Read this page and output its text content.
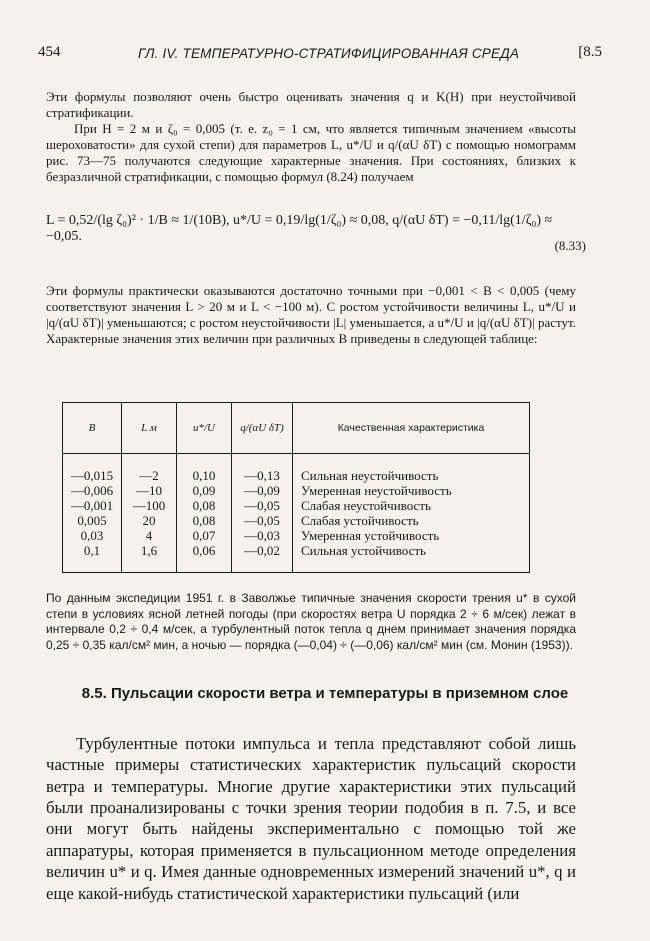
454	ГЛ. IV. ТЕМПЕРАТУРНО-СТРАТИФИЦИРОВАННАЯ СРЕДА	[8.5

Эти формулы позволяют очень быстро оценивать значения q и K(H) при неустойчивой стратификации.

При H = 2 м и ζ₀ = 0,005 (т. е. z₀ = 1 см, что является типичным значением «высоты шероховатости» для сухой степи) для параметров L, u*/U и q/(αU δT) с помощью номограмм рис. 73—75 получаются следующие характерные значения. При состояниях, близких к безразличной стратификации, с помощью формул (8.24) получаем

L = 0,52/(lg ζ₀)² · 1/B ≈ 1/(10B), u*/U = 0,19/lg(1/ζ₀) ≈ 0,08, q/(αU δT) = −0,11/lg(1/ζ₀) ≈ −0,05.
(8.33)

Эти формулы практически оказываются достаточно точными при −0,001 < B < 0,005 (чему соответствуют значения L > 20 м и L < −100 м). С ростом устойчивости величины L, u*/U и |q/(αU δT)| уменьшаются; с ростом неустойчивости |L| уменьшается, а u*/U и |q/(αU δT)| растут. Характерные значения этих величин при различных B приведены в следующей таблице:

B	L м	u*/U	q/(αU δT)	Качественная характеристика
—0,015	—2	0,10	—0,13	Сильная неустойчивость
—0,006	—10	0,09	—0,09	Умеренная неустойчивость
—0,001	—100	0,08	—0,05	Слабая неустойчивость
0,005	20	0,08	—0,05	Слабая устойчивость
0,03	4	0,07	—0,03	Умеренная устойчивость
0,1	1,6	0,06	—0,02	Сильная устойчивость

По данным экспедиции 1951 г. в Заволжье типичные значения скорости трения u* в сухой степи в условиях ясной летней погоды (при скоростях ветра U порядка 2 ÷ 6 м/сек) лежат в интервале 0,2 ÷ 0,4 м/сек, а турбулентный поток тепла q днем принимает значения порядка 0,25 ÷ 0,35 кал/см² мин, а ночью — порядка (—0,04) ÷ (—0,06) кал/см² мин (см. Монин (1953)).

8.5. Пульсации скорости ветра и температуры в приземном слое

Турбулентные потоки импульса и тепла представляют собой лишь частные примеры статистических характеристик пульсаций скорости ветра и температуры. Многие другие характеристики этих пульсаций были проанализированы с точки зрения теории подобия в п. 7.5, и все они могут быть найдены экспериментально с помощью той же аппаратуры, которая применяется в пульсационном методе определения величин u* и q. Имея данные одновременных измерений значений u*, q и еще какой-нибудь статистической характеристики пульсаций (или
